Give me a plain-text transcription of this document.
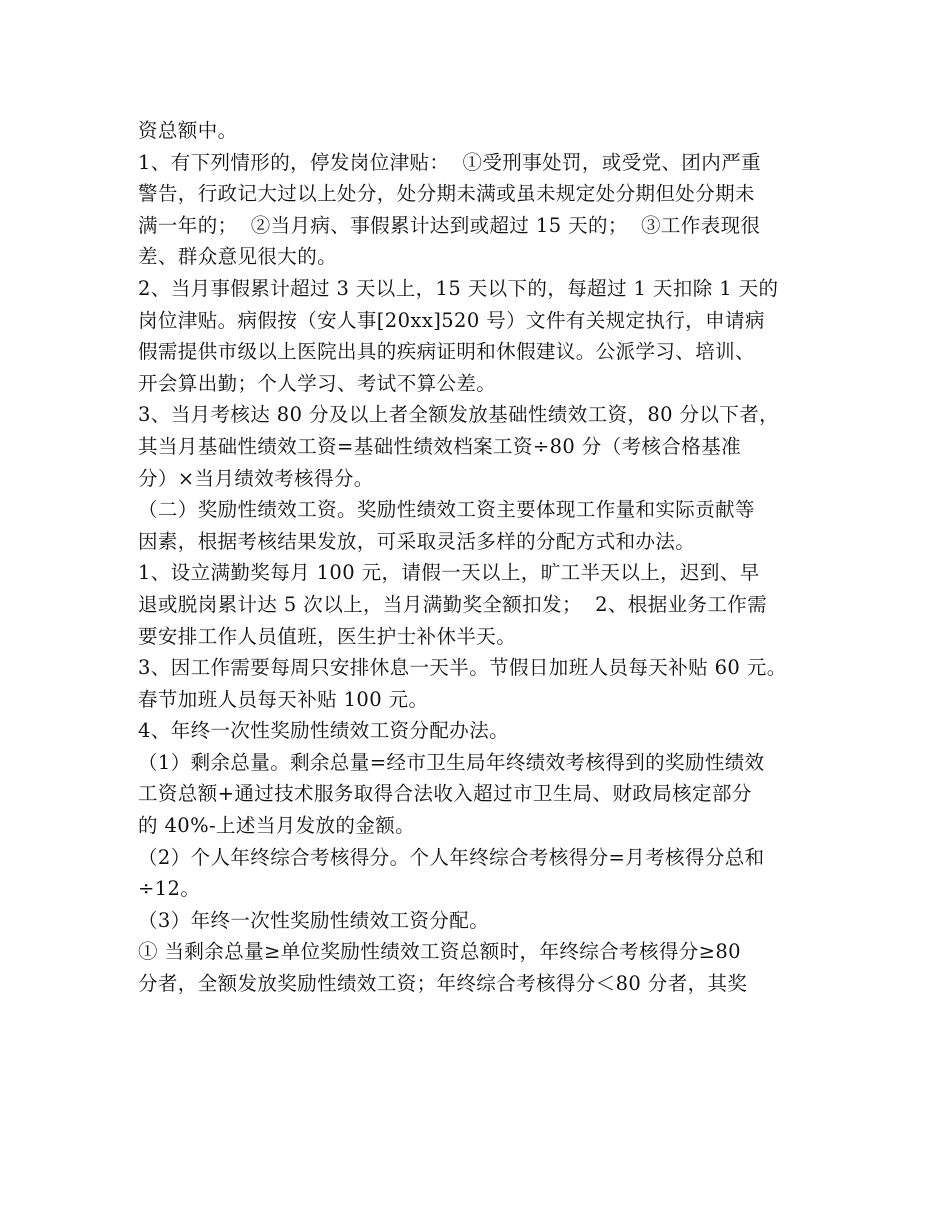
资总额中。
1、有下列情形的，停发岗位津贴：  ①受刑事处罚，或受党、团内严重
警告，行政记大过以上处分，处分期未满或虽未规定处分期但处分期未
满一年的；  ②当月病、事假累计达到或超过 15 天的；  ③工作表现很
差、群众意见很大的。
2、当月事假累计超过 3 天以上，15 天以下的，每超过 1 天扣除 1 天的
岗位津贴。病假按（安人事[20xx]520 号）文件有关规定执行，申请病
假需提供市级以上医院出具的疾病证明和休假建议。公派学习、培训、
开会算出勤；个人学习、考试不算公差。
3、当月考核达 80 分及以上者全额发放基础性绩效工资，80 分以下者，
其当月基础性绩效工资=基础性绩效档案工资÷80 分（考核合格基准
分）×当月绩效考核得分。
（二）奖励性绩效工资。奖励性绩效工资主要体现工作量和实际贡献等
因素，根据考核结果发放，可采取灵活多样的分配方式和办法。
1、设立满勤奖每月 100 元，请假一天以上，旷工半天以上，迟到、早
退或脱岗累计达 5 次以上，当月满勤奖全额扣发；  2、根据业务工作需
要安排工作人员值班，医生护士补休半天。
3、因工作需要每周只安排休息一天半。节假日加班人员每天补贴 60 元。
春节加班人员每天补贴 100 元。
4、年终一次性奖励性绩效工资分配办法。
（1）剩余总量。剩余总量=经市卫生局年终绩效考核得到的奖励性绩效
工资总额+通过技术服务取得合法收入超过市卫生局、财政局核定部分
的 40%-上述当月发放的金额。
（2）个人年终综合考核得分。个人年终综合考核得分=月考核得分总和
÷12。
（3）年终一次性奖励性绩效工资分配。
① 当剩余总量≥单位奖励性绩效工资总额时，年终综合考核得分≥80
分者，全额发放奖励性绩效工资；年终综合考核得分＜80 分者，其奖
